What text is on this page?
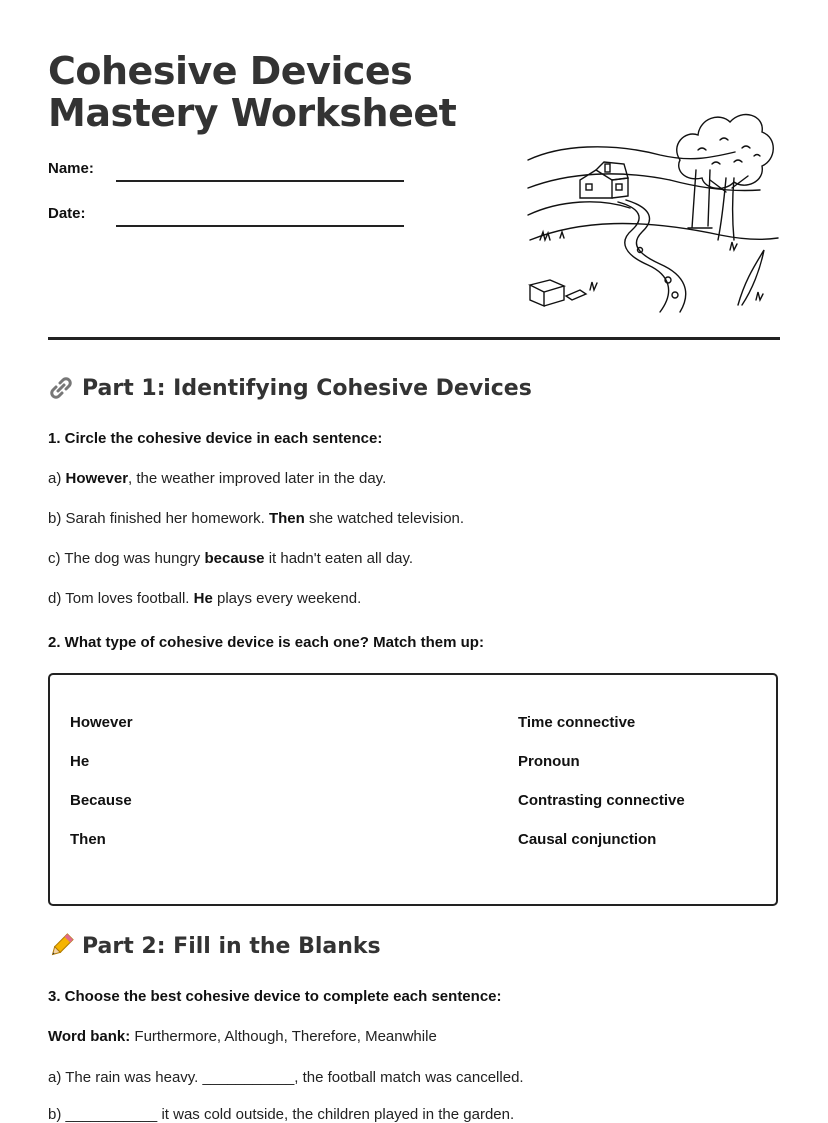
Cohesive Devices
Mastery Worksheet
Name:
Date:
Part 1: Identifying Cohesive Devices

1. Circle the cohesive device in each sentence:

a) However, the weather improved later in the day.

b) Sarah finished her homework. Then she watched television.

c) The dog was hungry because it hadn't eaten all day.

d) Tom loves football. He plays every weekend.

2. What type of cohesive device is each one? Match them up:

However
He
Because
Then
Time connective
Pronoun
Contrasting connective
Causal conjunction
Part 2: Fill in the Blanks

3. Choose the best cohesive device to complete each sentence:

Word bank: Furthermore, Although, Therefore, Meanwhile

a) The rain was heavy. ___________, the football match was cancelled.

b) ___________ it was cold outside, the children played in the garden.
